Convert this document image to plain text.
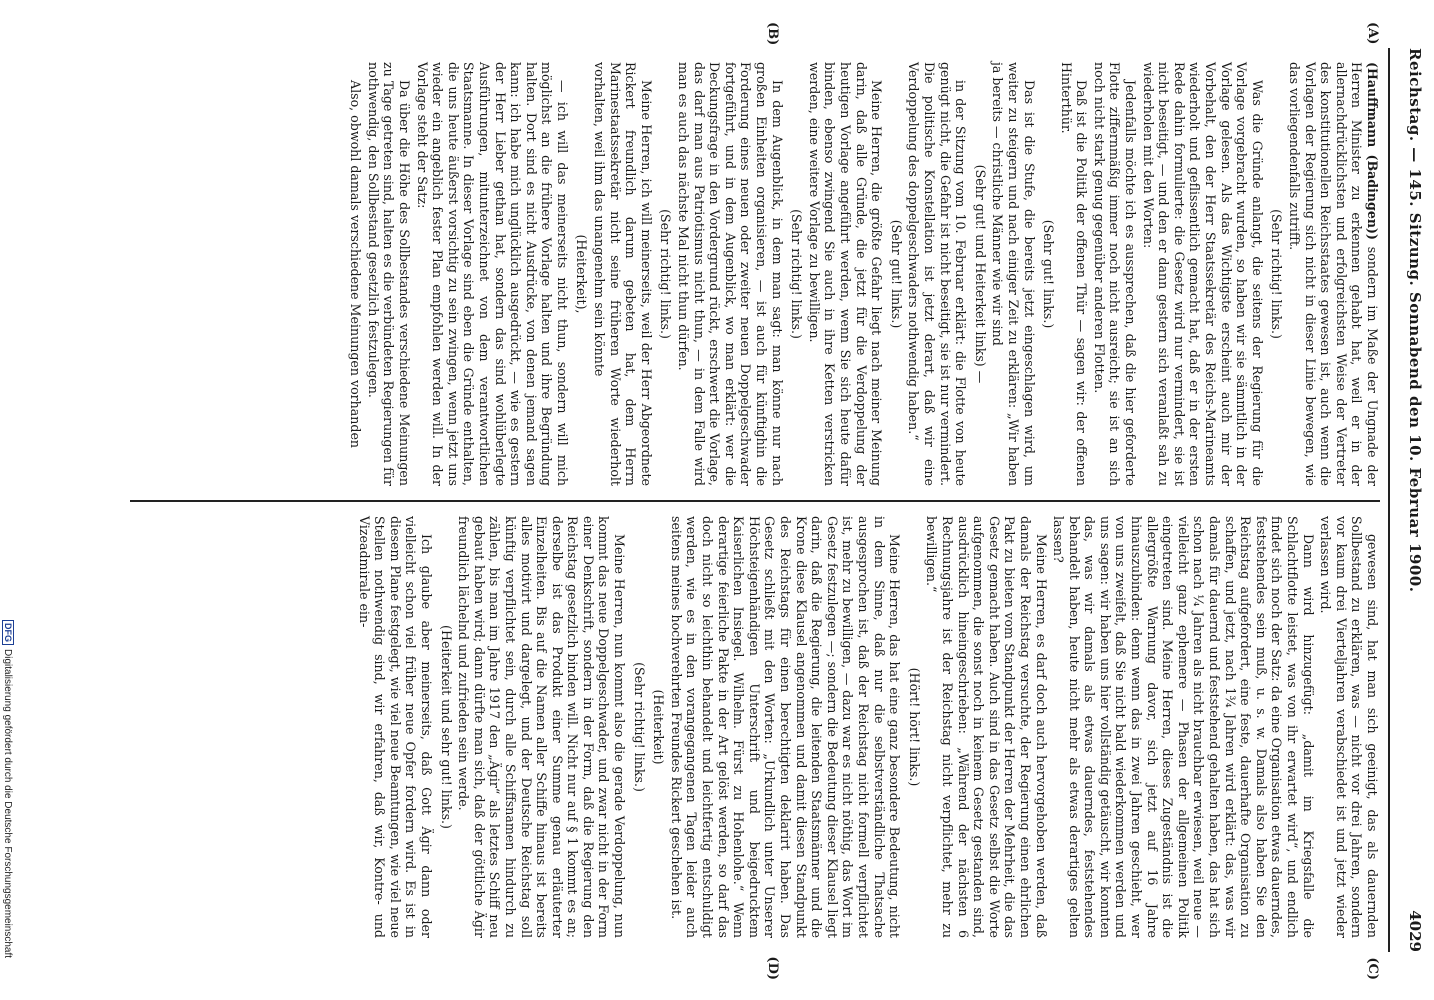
Reichstag. — 145. Sitzung. Sonnabend den 10. Februar 1900.
4029
(A)
(B)
(C)
(D)

(Hauffmann (Badingen)) sondern im Maße der Ungnade der Herren Minister zu erkennen gehabt hat, weil er in der allernachdrücklichsten und erfolgreichsten Weise der Vertreter des konstitutionellen Reichsstaates gewesen ist, auch wenn die Vorlagen der Regierung sich nicht in dieser Linie bewegen, wie das vorliegendenfalls zutrifft.

(Sehr richtig! links.)

Was die Gründe anlangt, die seitens der Regierung für die Vorlage vorgebracht wurden, so haben wir sie sämmtlich in der Vorlage gelesen. Als das Wichtigste erscheint auch mir der Vorbehalt, den der Herr Staatssekretär des Reichs-Marineamts wiederholt und geflissentlich gemacht hat, daß er in der ersten Rede dahin formulierte: die Gesetz wird nur vermindert, sie ist nicht beseitigt, — und den er dann gestern sich veranlaßt sah zu wiederholen mit den Worten:

Jedenfalls möchte ich es aussprechen, daß die hier geforderte Flotte ziffernmäßig immer noch nicht ausreicht; sie ist an sich noch nicht stark genug gegenüber anderen Flotten.

Daß ist die Politik der offenen Thür — sagen wir: der offenen Hinterthür.

(Sehr gut! links.)

Das ist die Stufe, die bereits jetzt eingeschlagen wird, um weiter zu steigern und nach einiger Zeit zu erklären: „Wir haben ja bereits — christliche Männer wie wir sind

(Sehr gut! und Heiterkeit links) —

in der Sitzung vom 10. Februar erklärt: die Flotte von heute genügt nicht, die Gefahr ist nicht beseitigt, sie ist nur vermindert. Die politische Konstellation ist jetzt derart, daß wir eine Verdoppelung des doppelgeschwaders nothwendig haben.“

(Sehr gut! links.)

Meine Herren, die größte Gefahr liegt nach meiner Meinung darin, daß alle Gründe, die jetzt für die Verdoppelung der heutigen Vorlage angeführt werden, wenn Sie sich heute dafür binden, ebenso zwingend Sie auch in ihre Ketten verstricken werden, eine weitere Vorlage zu bewilligen.

(Sehr richtig! links.)

In dem Augenblick, in dem man sagt: man könne nur nach großen Einheiten organisieren, — ist auch für künftighin die Forderung eines neuen oder zweiter neuen Doppelgeschwader fortgeführt, und in dem Augenblick, wo man erklärt: wer die Deckungsfrage in den Vordergrund rückt, erschwert die Vorlage, das darf man aus Patriotismus nicht thun, — in dem Falle wird man es auch das nächste Mal nicht thun dürfen.

(Sehr richtig! links.)

Meine Herren, ich will meinerseits, weil der Herr Abgeordnete Rickert freundlich darum gebeten hat, dem Herrn Marinestaatssekretär nicht seine früheren Worte wiederholt vorhalten, weil ihm das unangenehm sein könnte

(Heiterkeit),

— ich will das meinerseits nicht thun, sondern will mich möglichst an die frühere Vorlage halten und ihre Begründung halten. Dort sind es nicht Ausdrücke, von denen jemand sagen kann: ich habe mich unglücklich ausgedrückt, — wie es gestern der Herr Lieber gethan hat, sondern das sind wohlüberlegte Ausführungen, mitunterzeichnet von dem verantwortlichen Staatsmanne. In dieser Vorlage sind eben die Gründe enthalten, die uns heute äußerst vorsichtig zu sein zwingen, wenn jetzt uns wieder ein angeblich fester Plan empfohlen werden will. In der Vorlage steht der Satz:

Da über die Höhe des Sollbestandes verschiedene Meinungen zu Tage getreten sind, halten es die verbündeten Regierungen für nothwendig, den Sollbestand gesetzlich festzulegen.

Also, obwohl damals verschiedene Meinungen vorhanden

gewesen sind, hat man sich geeinigt, das als dauernden Sollbestand zu erklären, was — nicht vor drei Jahren, sondern vor kaum drei Vierteljahren verabschiedet ist und jetzt wieder verlassen wird.

Dann wird hinzugefügt: „damit im Kriegsfalle die Schlachtflotte leistet, was von ihr erwartet wird“, und endlich findet sich noch der Satz: da eine Organisation etwas dauerndes, feststehendes sein muß, u. s. w. Damals also haben Sie den Reichstag aufgefordert, eine feste, dauerhafte Organisation zu schaffen, und jetzt, nach 1¾ Jahren wird erklärt: das, was wir damals für dauernd und feststehend gehalten haben, das hat sich schon nach ¼ Jahren als nicht brauchbar erwiesen, weil neue — vielleicht ganz ephemere — Phasen der allgemeinen Politik eingetreten sind. Meine Herren, dieses Zugeständnis ist die allergrößte Warnung davor, sich jetzt auf 16 Jahre hinauszubinden: denn wenn das in zwei Jahren geschieht, wer von uns zweifelt, daß Sie nicht bald wiederkommen werden und uns sagen: wir haben uns hier vollständig getäuscht, wir konnten das, was wir damals als etwas dauerndes, feststehendes behandelt haben, heute nicht mehr als etwas derartiges gelten lassen?

Meine Herren, es darf doch auch hervorgehoben werden, daß damals der Reichstag versuchte, der Regierung einen ehrlichen Pakt zu bieten vom Standpunkt der Herren der Mehrheit, die das Gesetz gemacht haben. Auch sind in das Gesetz selbst die Worte aufgenommen, die sonst noch in keinem Gesetz gestanden sind, ausdrücklich hineingeschrieben: „Während der nächsten 6 Rechnungsjahre ist der Reichstag nicht verpflichtet, mehr zu bewilligen.“

(Hört! hört! links.)

Meine Herren, das hat eine ganz besondere Bedeutung, nicht in dem Sinne, daß nur die selbstverständliche Thatsache ausgesprochen ist, daß der Reichstag nicht formell verpflichtet ist, mehr zu bewilligen, — dazu war es nicht nöthig, das Wort im Gesetz festzulegen —; sondern die Bedeutung dieser Klausel liegt darin, daß die Regierung, die leitenden Staatsmänner und die Krone diese Klausel angenommen und damit diesen Standpunkt des Reichstags für einen berechtigten deklarirt haben. Das Gesetz schließt mit den Worten: „Urkundlich unter Unserer Höchsteigenhändigen Unterschrift und beigedrucktem Kaiserlichen Insiegel. Wilhelm. Fürst zu Hohenlohe.“ Wenn derartige feierliche Pakte in der Art gelöst werden, so darf das doch nicht so leichthin behandelt und leichtfertig entschuldigt werden, wie es in den vorangegangenen Tagen leider auch seitens meines hochverehrten Freundes Rickert geschehen ist.

(Heiterkeit)

(Sehr richtig! links.)

Meine Herren, nun kommt also die gerade Verdoppelung, nun kommt das neue Doppelgeschwader, und zwar nicht in der Form einer Denkschrift, sondern in der Form, daß die Regierung den Reichstag gesetzlich binden will. Nicht nur auf § 1 kommt es an; derselbe ist das Produkt einer Summe genau erläuterter Einzelheiten. Bis auf die Namen aller Schiffe hinaus ist bereits alles motivirt und dargelegt, und der Deutsche Reichstag soll künftig verpflichtet sein, durch alle Schiffsnamen hindurch zu zählen, bis man im Jahre 1917 den „Ägir“ als letztes Schiff neu gebaut haben wird; dann dürfte man sich, daß der göttliche Ägir freundlich lächelnd und zufrieden sein werde.

(Heiterkeit und sehr gut! links.)

Ich glaube aber meinerseits, daß Gott Ägir dann oder vielleicht schon viel früher neue Opfer fordern wird. Es ist in diesem Plane festgelegt, wie viel neue Beamtungen, wie viel neue Stellen nothwendig sind, wir erfahren, daß wir, Kontre- und Vizeadmirale ein-

DFGDigitalisierung gefördert durch die Deutsche Forschungsgemeinschaft
